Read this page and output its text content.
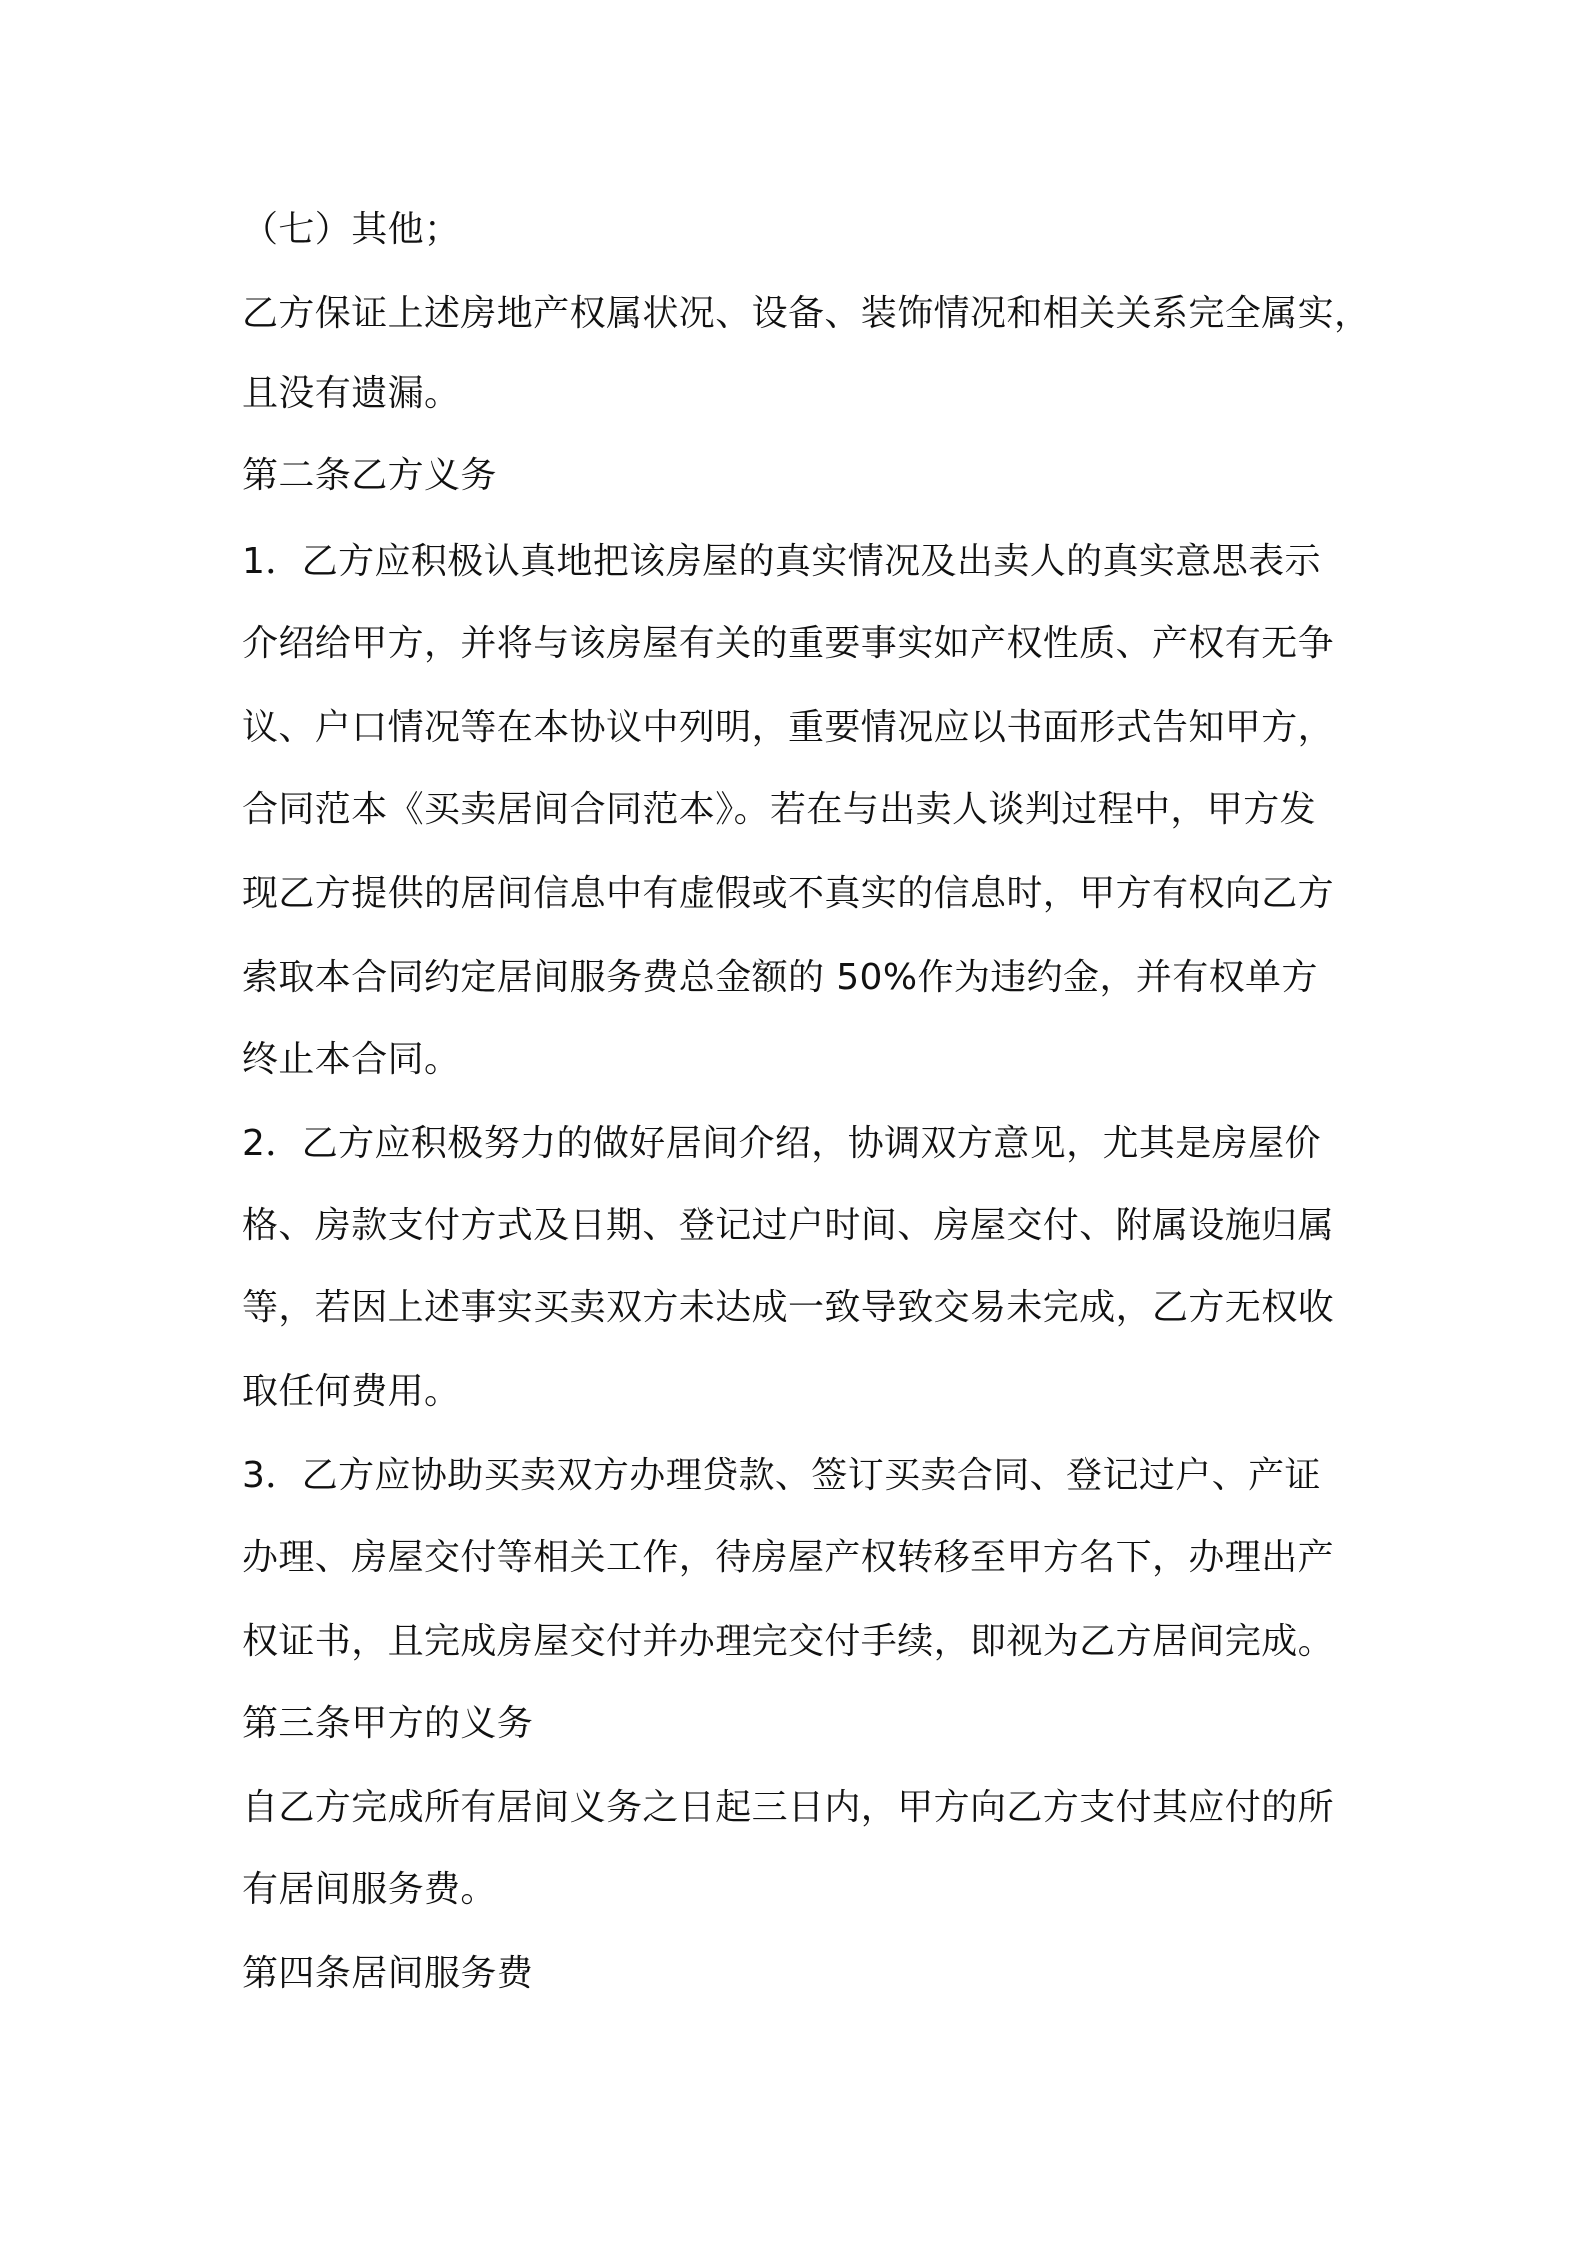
（七）其他；
乙方保证上述房地产权属状况、设备、装饰情况和相关关系完全属实，
且没有遗漏。
第二条乙方义务
1．乙方应积极认真地把该房屋的真实情况及出卖人的真实意思表示
介绍给甲方，并将与该房屋有关的重要事实如产权性质、产权有无争
议、户口情况等在本协议中列明，重要情况应以书面形式告知甲方，
合同范本《买卖居间合同范本》。若在与出卖人谈判过程中，甲方发
现乙方提供的居间信息中有虚假或不真实的信息时，甲方有权向乙方
索取本合同约定居间服务费总金额的 50%作为违约金，并有权单方
终止本合同。
2．乙方应积极努力的做好居间介绍，协调双方意见，尤其是房屋价
格、房款支付方式及日期、登记过户时间、房屋交付、附属设施归属
等，若因上述事实买卖双方未达成一致导致交易未完成，乙方无权收
取任何费用。
3．乙方应协助买卖双方办理贷款、签订买卖合同、登记过户、产证
办理、房屋交付等相关工作，待房屋产权转移至甲方名下，办理出产
权证书，且完成房屋交付并办理完交付手续，即视为乙方居间完成。
第三条甲方的义务
自乙方完成所有居间义务之日起三日内，甲方向乙方支付其应付的所
有居间服务费。
第四条居间服务费
